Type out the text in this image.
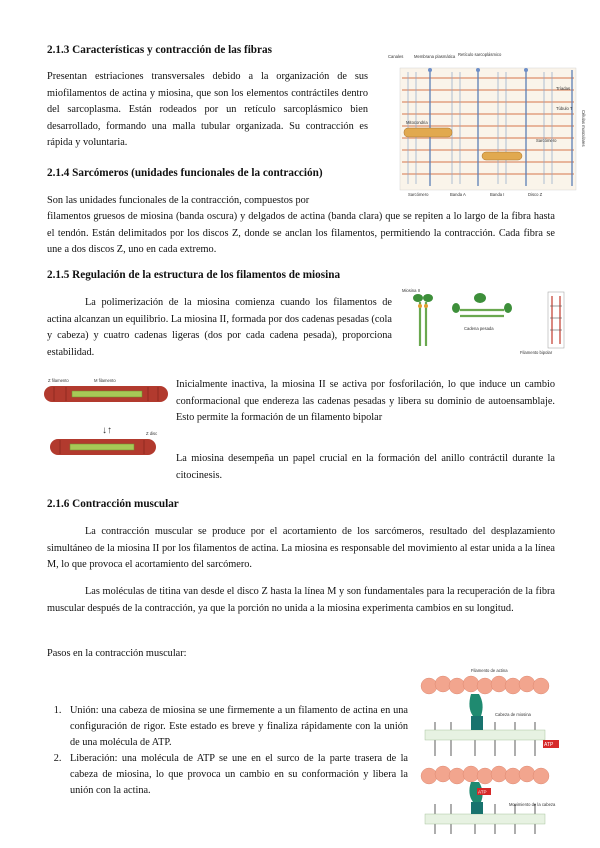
2.1.3 Características y contracción de las fibras
Presentan estriaciones transversales debido a la organización de sus miofilamentos de actina y miosina, que son los elementos contráctiles dentro del sarcoplasma. Están rodeados por un retículo sarcoplásmico bien desarrollado, formando una malla tubular organizada. Su contracción es rápida y voluntaria.
Canales	Membrana plasmática Retículo sarcoplásmico
Tríadas
Túbulo T
Mitocondria
Sarcómero
Sarcómero	Banda A	Banda I	Disco Z
Células musculares
2.1.4 Sarcómeros (unidades funcionales de la contracción)
Son las unidades funcionales de la contracción, compuestos por
filamentos gruesos de miosina (banda oscura) y delgados de actina (banda clara) que se repiten a lo largo de la fibra hasta el tendón. Están delimitados por los discos Z, donde se anclan los filamentos, permitiendo la contracción. Cada fibra se une a dos discos Z, uno en cada extremo.
2.1.5 Regulación de la estructura de los filamentos de miosina
La polimerización de la miosina comienza cuando los filamentos de actina alcanzan un equilibrio. La miosina II, formada por dos cadenas pesadas (cola y cabeza) y cuatro cadenas ligeras (dos por cada cadena pesada), proporciona estabilidad.
Miosina II
Cadena pesada
Filamento bipolar
↓↑
Z filamento	M filamento
Z disc
Inicialmente inactiva, la miosina II se activa por fosforilación, lo que induce un cambio conformacional que endereza las cadenas pesadas y libera su dominio de autoensamblaje. Esto permite la formación de un filamento bipolar
La miosina desempeña un papel crucial en la formación del anillo contráctil durante la citocinesis.
2.1.6 Contracción muscular
La contracción muscular se produce por el acortamiento de los sarcómeros, resultado del desplazamiento simultáneo de la miosina II por los filamentos de actina. La miosina es responsable del movimiento al estar unida a la línea M, lo que provoca el acortamiento del sarcómero.
Las moléculas de titina van desde el disco Z hasta la línea M y son fundamentales para la recuperación de la fibra muscular después de la contracción, ya que la porción no unida a la miosina experimenta cambios en su longitud.
Pasos en la contracción muscular:
1. Unión: una cabeza de miosina se une firmemente a un filamento de actina en una configuración de rigor. Este estado es breve y finaliza rápidamente con la unión de una molécula de ATP.
2. Liberación: una molécula de ATP se une en el surco de la parte trasera de la cabeza de miosina, lo que provoca un cambio en su conformación y libera la unión con la actina.
ATP
ATP
Filamento de actina
Cabeza de miosina
Movimiento de la cabeza
